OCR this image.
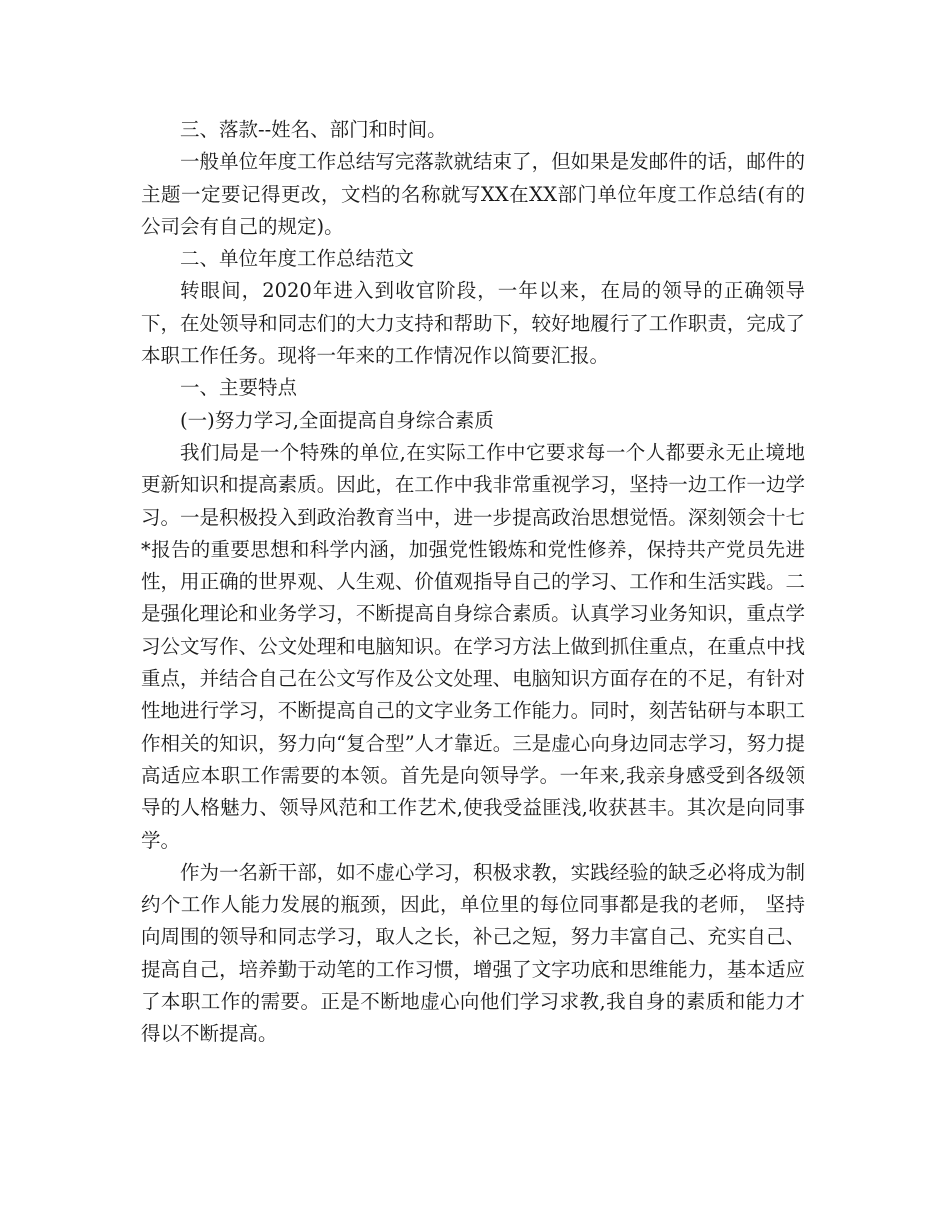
三、落款--姓名、部门和时间。

一般单位年度工作总结写完落款就结束了，但如果是发邮件的话，邮件的主题一定要记得更改，文档的名称就写XX在XX部门单位年度工作总结(有的公司会有自己的规定)。

二、单位年度工作总结范文

转眼间，2020年进入到收官阶段，一年以来，在局的领导的正确领导下，在处领导和同志们的大力支持和帮助下，较好地履行了工作职责，完成了本职工作任务。现将一年来的工作情况作以简要汇报。

一、主要特点

(一)努力学习,全面提高自身综合素质

我们局是一个特殊的单位,在实际工作中它要求每一个人都要永无止境地更新知识和提高素质。因此，在工作中我非常重视学习，坚持一边工作一边学习。一是积极投入到政治教育当中，进一步提高政治思想觉悟。深刻领会十七*报告的重要思想和科学内涵，加强党性锻炼和党性修养，保持共产党员先进性，用正确的世界观、人生观、价值观指导自己的学习、工作和生活实践。二是强化理论和业务学习，不断提高自身综合素质。认真学习业务知识，重点学习公文写作、公文处理和电脑知识。在学习方法上做到抓住重点，在重点中找重点，并结合自己在公文写作及公文处理、电脑知识方面存在的不足，有针对性地进行学习，不断提高自己的文字业务工作能力。同时，刻苦钻研与本职工作相关的知识，努力向“复合型”人才靠近。三是虚心向身边同志学习，努力提高适应本职工作需要的本领。首先是向领导学。一年来,我亲身感受到各级领导的人格魅力、领导风范和工作艺术,使我受益匪浅,收获甚丰。其次是向同事学。

作为一名新干部，如不虚心学习，积极求教，实践经验的缺乏必将成为制约个工作人能力发展的瓶颈，因此，单位里的每位同事都是我的老师， 坚持向周围的领导和同志学习，取人之长，补己之短，努力丰富自己、充实自己、提高自己，培养勤于动笔的工作习惯，增强了文字功底和思维能力，基本适应了本职工作的需要。正是不断地虚心向他们学习求教,我自身的素质和能力才得以不断提高。
